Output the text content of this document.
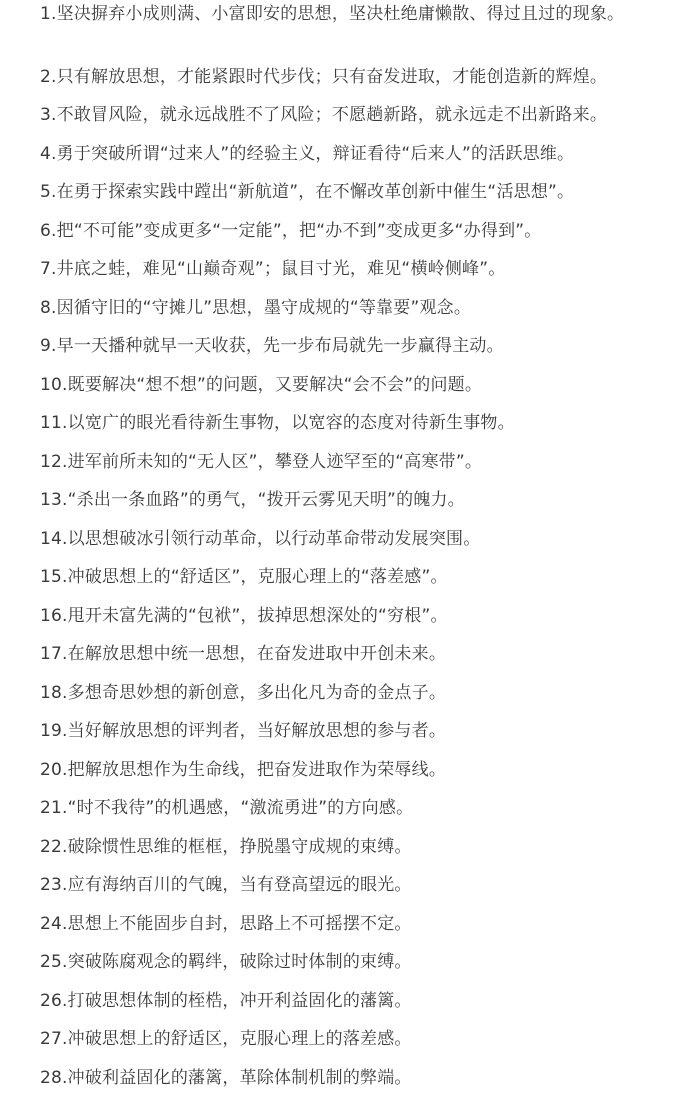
1.坚决摒弃小成则满、小富即安的思想，坚决杜绝庸懒散、得过且过的现象。
2.只有解放思想，才能紧跟时代步伐；只有奋发进取，才能创造新的辉煌。
3.不敢冒风险，就永远战胜不了风险；不愿趟新路，就永远走不出新路来。
4.勇于突破所谓“过来人”的经验主义，辩证看待“后来人”的活跃思维。
5.在勇于探索实践中蹚出“新航道”，在不懈改革创新中催生“活思想”。
6.把“不可能”变成更多“一定能”，把“办不到”变成更多“办得到”。
7.井底之蛙，难见“山巅奇观”；鼠目寸光，难见“横岭侧峰”。
8.因循守旧的“守摊儿”思想，墨守成规的“等靠要”观念。
9.早一天播种就早一天收获，先一步布局就先一步赢得主动。
10.既要解决“想不想”的问题，又要解决“会不会”的问题。
11.以宽广的眼光看待新生事物，以宽容的态度对待新生事物。
12.进军前所未知的“无人区”，攀登人迹罕至的“高寒带”。
13.“杀出一条血路”的勇气，“拨开云雾见天明”的魄力。
14.以思想破冰引领行动革命，以行动革命带动发展突围。
15.冲破思想上的“舒适区”，克服心理上的“落差感”。
16.甩开未富先满的“包袱”，拔掉思想深处的“穷根”。
17.在解放思想中统一思想，在奋发进取中开创未来。
18.多想奇思妙想的新创意，多出化凡为奇的金点子。
19.当好解放思想的评判者，当好解放思想的参与者。
20.把解放思想作为生命线，把奋发进取作为荣辱线。
21.“时不我待”的机遇感，“激流勇进”的方向感。
22.破除惯性思维的框框，挣脱墨守成规的束缚。
23.应有海纳百川的气魄，当有登高望远的眼光。
24.思想上不能固步自封，思路上不可摇摆不定。
25.突破陈腐观念的羁绊，破除过时体制的束缚。
26.打破思想体制的桎梏，冲开利益固化的藩篱。
27.冲破思想上的舒适区，克服心理上的落差感。
28.冲破利益固化的藩篱，革除体制机制的弊端。
